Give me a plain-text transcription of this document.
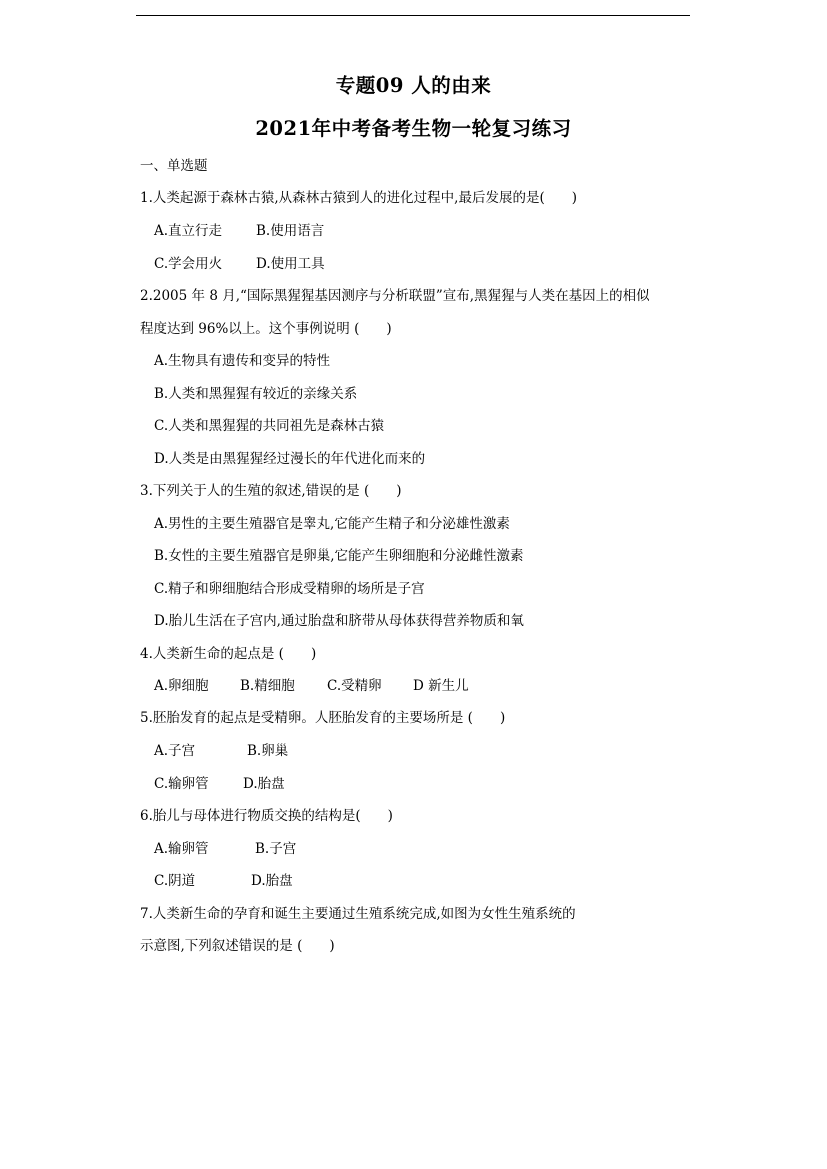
专题09 人的由来
2021年中考备考生物一轮复习练习
一、单选题
1.人类起源于森林古猿,从森林古猿到人的进化过程中,最后发展的是(　　)
A.直立行走	B.使用语言
C.学会用火	D.使用工具
2.2005 年 8 月,“国际黑猩猩基因测序与分析联盟”宣布,黑猩猩与人类在基因上的相似
程度达到 96%以上。这个事例说明 (　　)
A.生物具有遗传和变异的特性
B.人类和黑猩猩有较近的亲缘关系
C.人类和黑猩猩的共同祖先是森林古猿
D.人类是由黑猩猩经过漫长的年代进化而来的
3.下列关于人的生殖的叙述,错误的是 (　　)
A.男性的主要生殖器官是睾丸,它能产生精子和分泌雄性激素
B.女性的主要生殖器官是卵巢,它能产生卵细胞和分泌雌性激素
C.精子和卵细胞结合形成受精卵的场所是子宫
D.胎儿生活在子宫内,通过胎盘和脐带从母体获得营养物质和氧
4.人类新生命的起点是 (　　)
A.卵细胞 B.精细胞 C.受精卵 D 新生儿
5.胚胎发育的起点是受精卵。人胚胎发育的主要场所是 (　　)
A.子宫	B.卵巢
C.输卵管	D.胎盘
6.胎儿与母体进行物质交换的结构是(　　)
A.输卵管	B.子宫
C.阴道	D.胎盘
7.人类新生命的孕育和诞生主要通过生殖系统完成,如图为女性生殖系统的
示意图,下列叙述错误的是 (　　)
